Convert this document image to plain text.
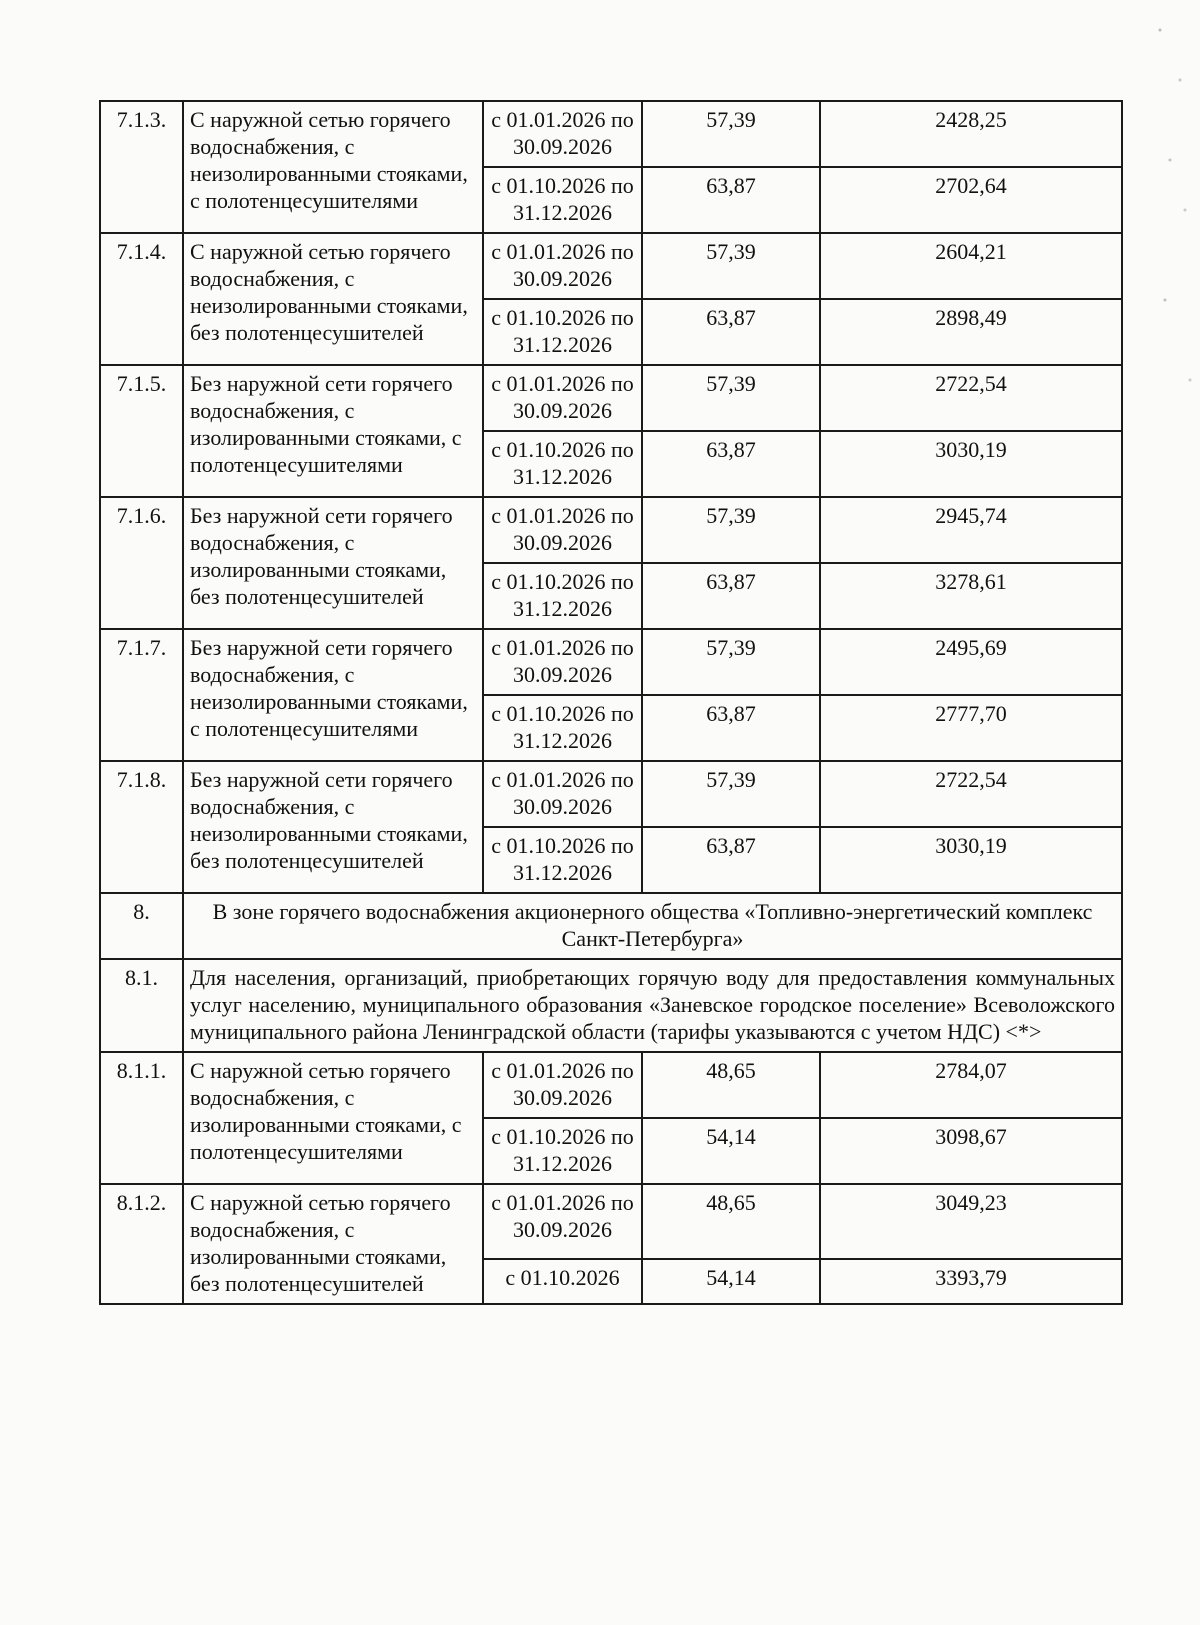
7.1.3.	С наружной сетью горячего водоснабжения, с неизолированными стояками, с полотенцесушителями	с 01.01.2026 по 30.09.2026	57,39	2428,25
		с 01.10.2026 по 31.12.2026	63,87	2702,64
7.1.4.	С наружной сетью горячего водоснабжения, с неизолированными стояками, без полотенцесушителей	с 01.01.2026 по 30.09.2026	57,39	2604,21
		с 01.10.2026 по 31.12.2026	63,87	2898,49
7.1.5.	Без наружной сети горячего водоснабжения, с изолированными стояками, с полотенцесушителями	с 01.01.2026 по 30.09.2026	57,39	2722,54
		с 01.10.2026 по 31.12.2026	63,87	3030,19
7.1.6.	Без наружной сети горячего водоснабжения, с изолированными стояками, без полотенцесушителей	с 01.01.2026 по 30.09.2026	57,39	2945,74
		с 01.10.2026 по 31.12.2026	63,87	3278,61
7.1.7.	Без наружной сети горячего водоснабжения, с неизолированными стояками, с полотенцесушителями	с 01.01.2026 по 30.09.2026	57,39	2495,69
		с 01.10.2026 по 31.12.2026	63,87	2777,70
7.1.8.	Без наружной сети горячего водоснабжения, с неизолированными стояками, без полотенцесушителей	с 01.01.2026 по 30.09.2026	57,39	2722,54
		с 01.10.2026 по 31.12.2026	63,87	3030,19
8.	В зоне горячего водоснабжения акционерного общества «Топливно-энергетический комплекс Санкт-Петербурга»			
8.1.	Для населения, организаций, приобретающих горячую воду для предоставления коммунальных услуг населению, муниципального образования «Заневское городское поселение» Всеволожского муниципального района Ленинградской области (тарифы указываются с учетом НДС) <*>			
8.1.1.	С наружной сетью горячего водоснабжения, с изолированными стояками, с полотенцесушителями	с 01.01.2026 по 30.09.2026	48,65	2784,07
		с 01.10.2026 по 31.12.2026	54,14	3098,67
8.1.2.	С наружной сетью горячего водоснабжения, с изолированными стояками, без полотенцесушителей	с 01.01.2026 по 30.09.2026	48,65	3049,23
		с 01.10.2026	54,14	3393,79
